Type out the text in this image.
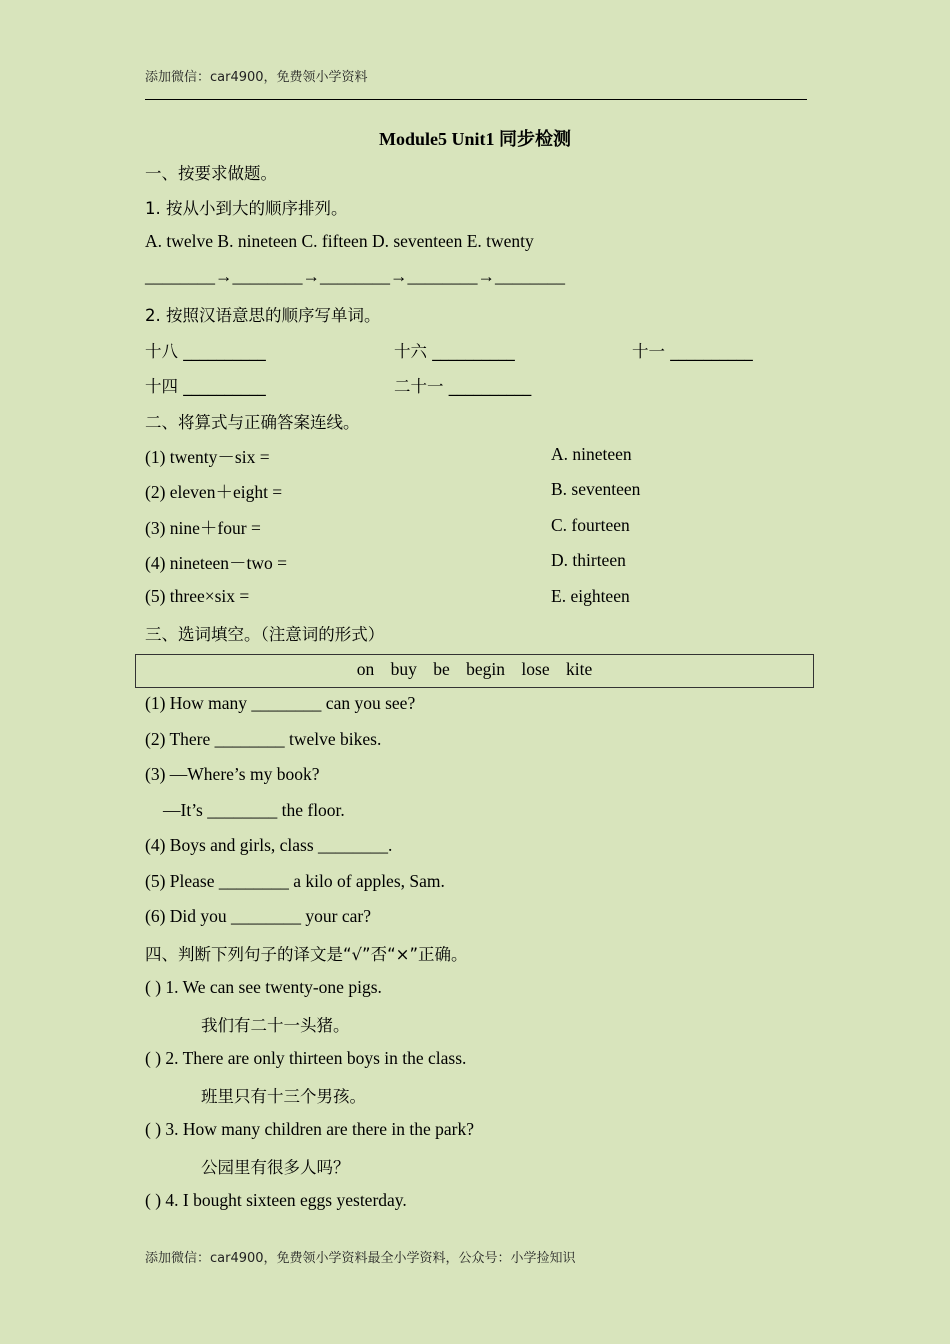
添加微信：car4900，免费领小学资料
Module5 Unit1 同步检测
一、按要求做题。
1. 按从小到大的顺序排列。
A. twelve B. nineteen C. fifteen D. seventeen E. twenty
________→________→________→________→________
2. 按照汉语意思的顺序写单词。
十八 __________	十六 __________	十一 __________
十四 __________	二十一 __________
二、将算式与正确答案连线。
(1) twenty－six =	A. nineteen
(2) eleven＋eight =	B. seventeen
(3) nine＋four =	C. fourteen
(4) nineteen－two =	D. thirteen
(5) three×six =	E. eighteen
三、选词填空。（注意词的形式）
on buy be begin lose kite
(1) How many ________ can you see?
(2) There ________ twelve bikes.
(3) —Where’s my book?
—It’s ________ the floor.
(4) Boys and girls, class ________.
(5) Please ________ a kilo of apples, Sam.
(6) Did you ________ your car?
四、判断下列句子的译文是“√”否“×”正确。
( ) 1. We can see twenty-one pigs.
我们有二十一头猪。
( ) 2. There are only thirteen boys in the class.
班里只有十三个男孩。
( ) 3. How many children are there in the park?
公园里有很多人吗？
( ) 4. I bought sixteen eggs yesterday.
添加微信：car4900，免费领小学资料最全小学资料，公众号：小学捡知识
